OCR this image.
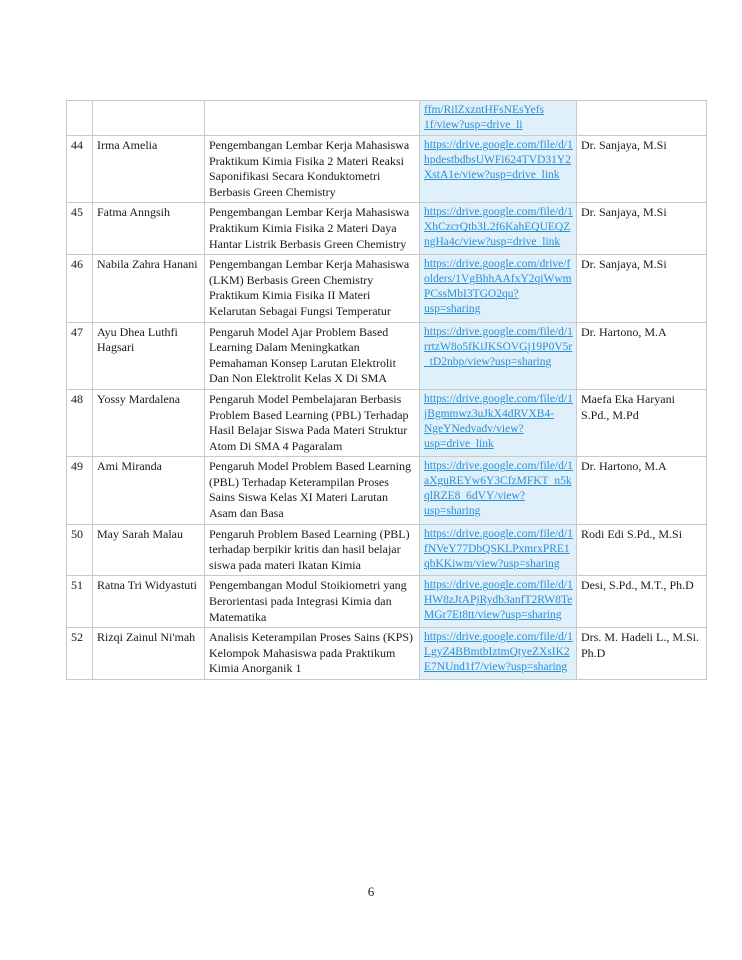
			ffm/RilZxzntHFsNEsYefs 1f/view?usp=drive_li	
44	Irma Amelia	Pengembangan Lembar Kerja Mahasiswa Praktikum Kimia Fisika 2 Materi Reaksi Saponifikasi Secara Konduktometri Berbasis Green Chemistry	https://drive.google.com/file/d/1hpdestbdbsUWFi624TVD31Y2XstA1e/view?usp=drive_link	Dr. Sanjaya, M.Si
45	Fatma Anngsih	Pengembangan Lembar Kerja Mahasiswa Praktikum Kimia Fisika 2 Materi Daya Hantar Listrik Berbasis Green Chemistry	https://drive.google.com/file/d/1XhCzcrQtb3L2f6KahEQUEQZngHa4c/view?usp=drive_link	Dr. Sanjaya, M.Si
46	Nabila Zahra Hanani	Pengembangan Lembar Kerja Mahasiswa (LKM) Berbasis Green Chemistry Praktikum Kimia Fisika II Materi Kelarutan Sebagai Fungsi Temperatur	https://drive.google.com/drive/folders/1VgBhhAAfxY2qiWwmPCssMbI3TGO2qu?usp=sharing	Dr. Sanjaya, M.Si
47	Ayu Dhea Luthfi Hagsari	Pengaruh Model Ajar Problem Based Learning Dalam Meningkatkan Pemahaman Konsep Larutan Elektrolit Dan Non Elektrolit Kelas X Di SMA	https://drive.google.com/file/d/1rrtzW8o5fKiJKSOVGj19P0V5r_tD2nbp/view?usp=sharing	Dr. Hartono, M.A
48	Yossy Mardalena	Pengaruh Model Pembelajaran Berbasis Problem Based Learning (PBL) Terhadap Hasil Belajar Siswa Pada Materi Struktur Atom Di SMA 4 Pagaralam	https://drive.google.com/file/d/1jBgmmwz3uJkX4dRVXB4-NgeYNedvadv/view?usp=drive_link	Maefa Eka Haryani S.Pd., M.Pd
49	Ami Miranda	Pengaruh Model Problem Based Learning (PBL) Terhadap Keterampilan Proses Sains Siswa Kelas XI Materi Larutan Asam dan Basa	https://drive.google.com/file/d/1aXguREYw6Y3CfzMFKT_n5kqlRZE8_6dVY/view?usp=sharing	Dr. Hartono, M.A
50	May Sarah Malau	Pengaruh Problem Based Learning (PBL) terhadap berpikir kritis dan hasil belajar siswa pada materi Ikatan Kimia	https://drive.google.com/file/d/1fNVeY77DbQSKLPxmrxPRE1qbKKiwm/view?usp=sharing	Rodi Edi S.Pd., M.Si
51	Ratna Tri Widyastuti	Pengembangan Modul Stoikiometri yang Berorientasi pada Integrasi Kimia dan Matematika	https://drive.google.com/file/d/1HW8zJtAPjRydb3anfT2RW8TeMGr7Et8tt/view?usp=sharing	Desi, S.Pd., M.T., Ph.D
52	Rizqi Zainul Ni'mah	Analisis Keterampilan Proses Sains (KPS) Kelompok Mahasiswa pada Praktikum Kimia Anorganik 1	https://drive.google.com/file/d/1LgyZ4BBmtbIztmQtyeZXsIK2E7NUnd1f7/view?usp=sharing	Drs. M. Hadeli L., M.Si. Ph.D
6
